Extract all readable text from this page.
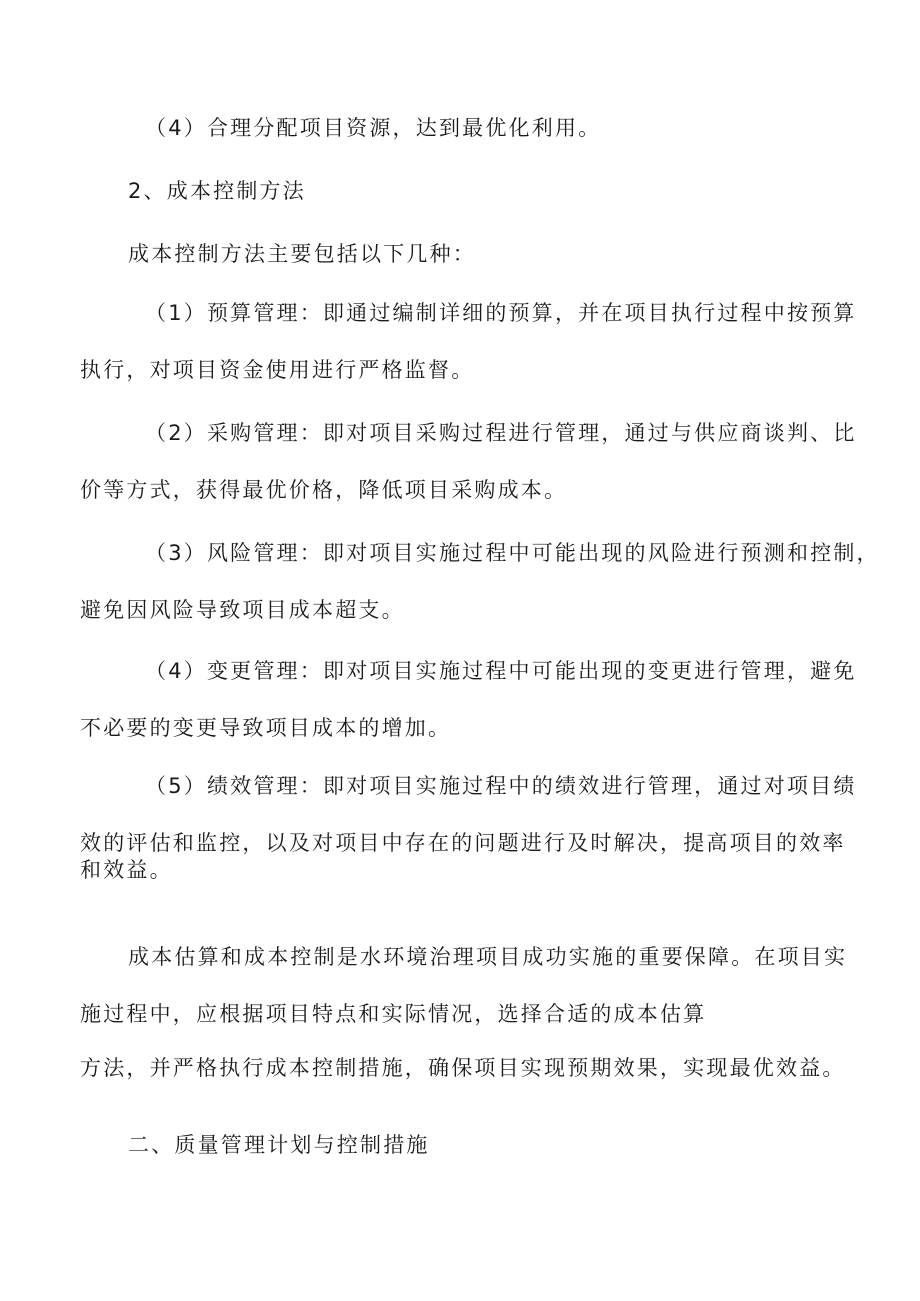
（4）合理分配项目资源，达到最优化利用。
2、成本控制方法
成本控制方法主要包括以下几种：
（1）预算管理：即通过编制详细的预算，并在项目执行过程中按预算
执行，对项目资金使用进行严格监督。
（2）采购管理：即对项目采购过程进行管理，通过与供应商谈判、比
价等方式，获得最优价格，降低项目采购成本。
（3）风险管理：即对项目实施过程中可能出现的风险进行预测和控制，
避免因风险导致项目成本超支。
（4）变更管理：即对项目实施过程中可能出现的变更进行管理，避免
不必要的变更导致项目成本的增加。
（5）绩效管理：即对项目实施过程中的绩效进行管理，通过对项目绩
效的评估和监控，以及对项目中存在的问题进行及时解决，提高项目的效率
和效益。
成本估算和成本控制是水环境治理项目成功实施的重要保障。在项目实
施过程中，应根据项目特点和实际情况，选择合适的成本估算
方法，并严格执行成本控制措施，确保项目实现预期效果，实现最优效益。
二、质量管理计划与控制措施
